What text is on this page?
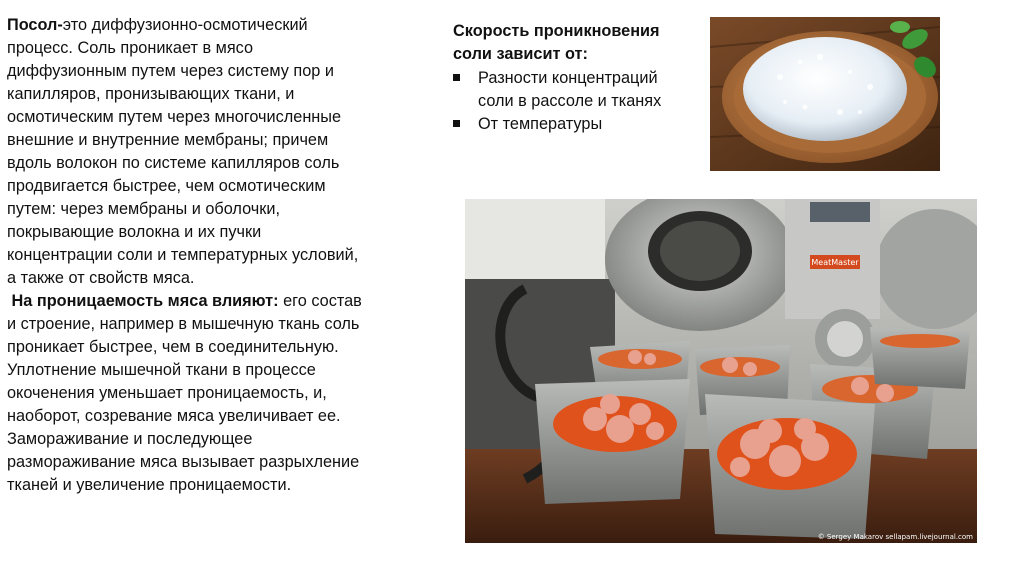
Посол-это диффузионно-осмотический процесс. Соль проникает в мясо диффузионным путем через систему пор и капилляров, пронизывающих ткани, и осмотическим путем через многочисленные внешние и внутренние мембраны; причем вдоль волокон по системе капилляров соль продвигается быстрее, чем осмотическим путем: через мембраны и оболочки, покрывающие волокна и их пучки концентрации соли и температурных условий, а также от свойств мяса.
На проницаемость мяса влияют: его состав и строение, например в мышечную ткань соль проникает быстрее, чем в соединительную. Уплотнение мышечной ткани в процессе окоченения уменьшает проницаемость, и, наоборот, созревание мяса увеличивает ее. Замораживание и последующее размораживание мяса вызывает разрыхление тканей и увеличение проницаемости.
Скорость проникновения соли зависит от:
Разности концентраций соли в рассоле и тканях
От температуры
MeatMaster
© Sergey Makarov sellapam.livejournal.com
